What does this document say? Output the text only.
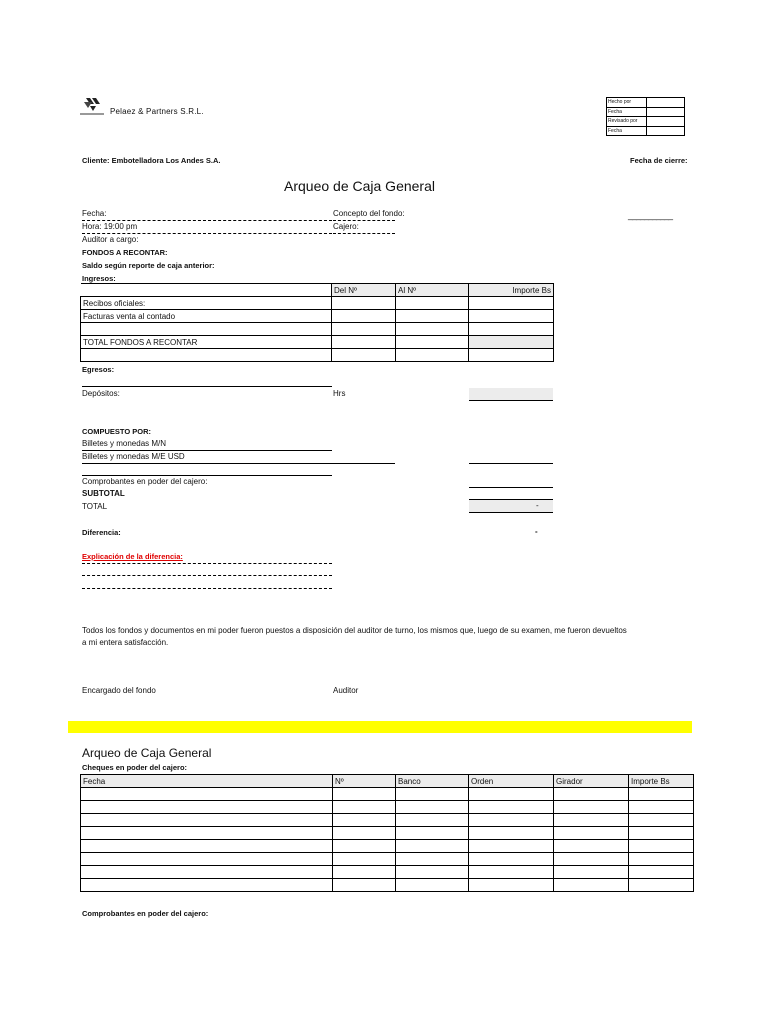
Pelaez & Partners S.R.L.
Hecho por	
Fecha	
Revisado por	
Fecha	
Cliente: Embotelladora Los Andes S.A.	Fecha de cierre:
Arqueo de Caja General
Fecha:
Hora: 19:00 pm
Auditor a cargo:
Concepto del fondo:
Cajero:
___________
FONDOS A RECONTAR:
Saldo según reporte de caja anterior:
Ingresos:
	Del Nº	Al Nº	Importe Bs
Recibos oficiales:			
Facturas venta al contado			

TOTAL FONDOS A RECONTAR			

Egresos:
Depósitos:	Hrs
COMPUESTO POR:
Billetes y monedas M/N
Billetes y monedas M/E USD
Comprobantes en poder del cajero:
SUBTOTAL
TOTAL	-
Diferencia:	-
Explicación de la diferencia:
Todos los fondos y documentos en mi poder fueron puestos a disposición del auditor de turno, los mismos que, luego de su examen, me fueron devueltos
a mi entera satisfacción.
Encargado del fondo	Auditor
Arqueo de Caja General
Cheques en poder del cajero:
Fecha	Nº	Banco	Orden	Girador	Importe Bs

Comprobantes en poder del cajero:
